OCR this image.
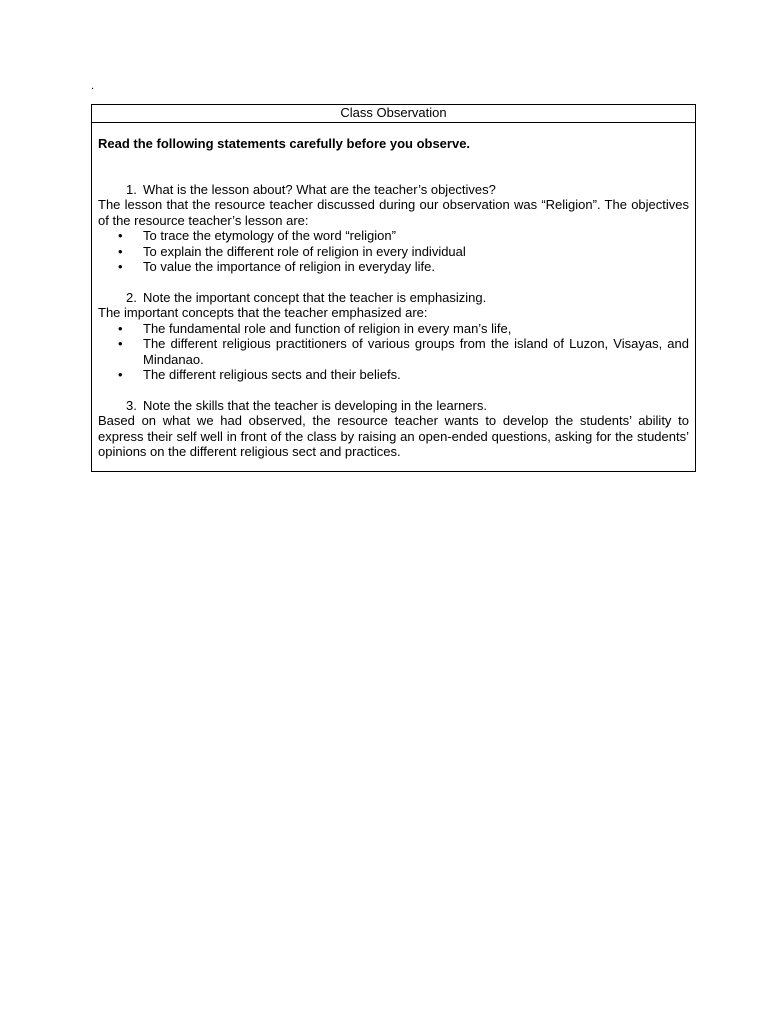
.
Class Observation
Read the following statements carefully before you observe.
1. What is the lesson about? What are the teacher’s objectives?
The lesson that the resource teacher discussed during our observation was “Religion”. The objectives of the resource teacher’s lesson are:
• To trace the etymology of the word “religion”
• To explain the different role of religion in every individual
• To value the importance of religion in everyday life.
2. Note the important concept that the teacher is emphasizing.
The important concepts that the teacher emphasized are:
• The fundamental role and function of religion in every man’s life,
• The different religious practitioners of various groups from the island of Luzon, Visayas, and Mindanao.
• The different religious sects and their beliefs.
3. Note the skills that the teacher is developing in the learners.
Based on what we had observed, the resource teacher wants to develop the students’ ability to express their self well in front of the class by raising an open-ended questions, asking for the students’ opinions on the different religious sect and practices.
